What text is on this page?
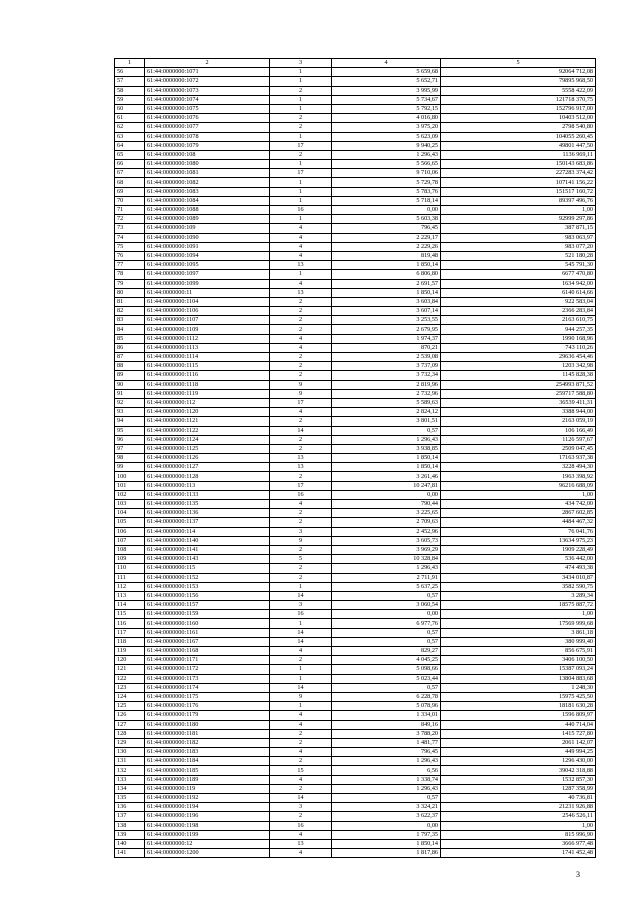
1	2	3	4	5
56	61:44:0000000:1071	1	5 659,68	92064 712,08
57	61:44:0000000:1072	1	5 652,71	79895 968,50
58	61:44:0000000:1073	2	3 995,99	5558 422,09
59	61:44:0000000:1074	1	5 734,67	121718 370,75
60	61:44:0000000:1075	1	5 792,15	152796 917,00
61	61:44:0000000:1076	2	4 016,80	10403 512,00
62	61:44:0000000:1077	2	3 975,20	2798 540,80
63	61:44:0000000:1078	1	5 623,09	104055 260,45
64	61:44:0000000:1079	17	9 940,25	49801 447,50
65	61:44:0000000:108	2	1 296,43	1136 969,11
66	61:44:0000000:1080	1	5 566,65	150143 683,86
67	61:44:0000000:1081	17	9 710,06	227283 374,42
68	61:44:0000000:1082	1	5 729,78	107141 156,22
69	61:44:0000000:1083	1	5 783,76	151517 160,72
70	61:44:0000000:1084	1	5 718,14	89397 496,76
71	61:44:0000000:1088	16	0,00	1,00
72	61:44:0000000:1089	1	5 603,38	92999 297,86
73	61:44:0000000:109	4	796,45	387 871,15
74	61:44:0000000:1090	4	2 229,17	983 063,97
75	61:44:0000000:1091	4	2 229,26	983 077,20
76	61:44:0000000:1094	4	819,48	521 180,28
77	61:44:0000000:1095	13	1 850,14	545 791,30
78	61:44:0000000:1097	1	6 806,80	6677 470,80
79	61:44:0000000:1099	4	2 691,57	1634 942,00
80	61:44:0000000:11	13	1 850,14	6140 614,66
81	61:44:0000000:1104	2	3 603,84	922 583,04
82	61:44:0000000:1106	2	3 607,14	2366 283,84
83	61:44:0000000:1107	2	3 253,55	2163 610,75
84	61:44:0000000:1109	2	2 679,95	944 257,35
85	61:44:0000000:1112	4	1 974,37	1990 168,96
86	61:44:0000000:1113	4	870,21	743 110,26
87	61:44:0000000:1114	2	2 539,08	29636 454,46
88	61:44:0000000:1115	2	3 737,09	1203 342,98
89	61:44:0000000:1116	2	3 732,34	1145 828,38
90	61:44:0000000:1118	9	2 819,96	254993 871,52
91	61:44:0000000:1119	9	2 732,96	259717 588,80
92	61:44:0000000:112	17	5 589,63	36539 411,31
93	61:44:0000000:1120	4	2 824,12	3388 944,00
94	61:44:0000000:1121	2	3 801,51	2163 059,19
95	61:44:0000000:1122	14	0,57	106 166,49
96	61:44:0000000:1124	2	1 296,43	1126 597,67
97	61:44:0000000:1125	2	3 938,85	2509 047,45
98	61:44:0000000:1126	13	1 850,14	17163 937,38
99	61:44:0000000:1127	13	1 850,14	3228 494,30
100	61:44:0000000:1128	2	3 261,46	1963 398,92
101	61:44:0000000:113	17	10 247,81	96216 688,09
102	61:44:0000000:1133	16	0,00	1,00
103	61:44:0000000:1135	4	790,44	434 742,00
104	61:44:0000000:1136	2	3 225,65	2867 602,85
105	61:44:0000000:1137	2	2 709,63	4484 467,32
106	61:44:0000000:114	3	2 452,96	76 041,76
107	61:44:0000000:1140	9	3 605,73	13634 975,23
108	61:44:0000000:1141	2	3 969,29	1909 228,49
109	61:44:0000000:1143	5	10 328,84	536 442,00
110	61:44:0000000:115	2	1 296,43	474 493,38
111	61:44:0000000:1152	2	2 711,91	3434 010,87
112	61:44:0000000:1153	1	5 637,25	3582 590,75
113	61:44:0000000:1156	14	0,57	3 289,34
114	61:44:0000000:1157	3	3 060,54	18575 887,72
115	61:44:0000000:1159	16	0,00	1,00
116	61:44:0000000:1160	1	6 977,76	17569 999,68
117	61:44:0000000:1161	14	0,57	3 861,18
118	61:44:0000000:1167	14	0,57	380 999,40
119	61:44:0000000:1168	4	829,27	856 675,91
120	61:44:0000000:1171	2	4 045,25	3406 100,50
121	61:44:0000000:1172	1	5 098,66	15387 093,24
122	61:44:0000000:1173	1	5 023,44	13804 883,68
123	61:44:0000000:1174	14	0,57	1 248,30
124	61:44:0000000:1175	9	6 228,78	15975 425,50
125	61:44:0000000:1176	1	5 078,96	18181 630,28
126	61:44:0000000:1179	4	1 334,01	1596 809,97
127	61:44:0000000:1180	4	849,16	440 714,04
128	61:44:0000000:1181	2	3 788,20	1415 727,80
129	61:44:0000000:1182	2	1 481,77	2061 142,07
130	61:44:0000000:1183	4	796,45	449 994,25
131	61:44:0000000:1184	2	1 296,43	1296 430,00
132	61:44:0000000:1185	15	6,56	39042 318,88
133	61:44:0000000:1189	4	1 338,74	1532 857,30
134	61:44:0000000:119	2	1 296,43	1287 358,99
135	61:44:0000000:1192	14	0,57	40 736,81
136	61:44:0000000:1194	3	3 324,21	21231 926,88
137	61:44:0000000:1196	2	3 622,37	2546 526,11
138	61:44:0000000:1198	16	0,00	1,00
139	61:44:0000000:1199	4	1 797,35	815 996,90
140	61:44:0000000:12	13	1 850,14	3666 977,48
141	61:44:0000000:1200	4	1 817,86	1741 452,48
3
